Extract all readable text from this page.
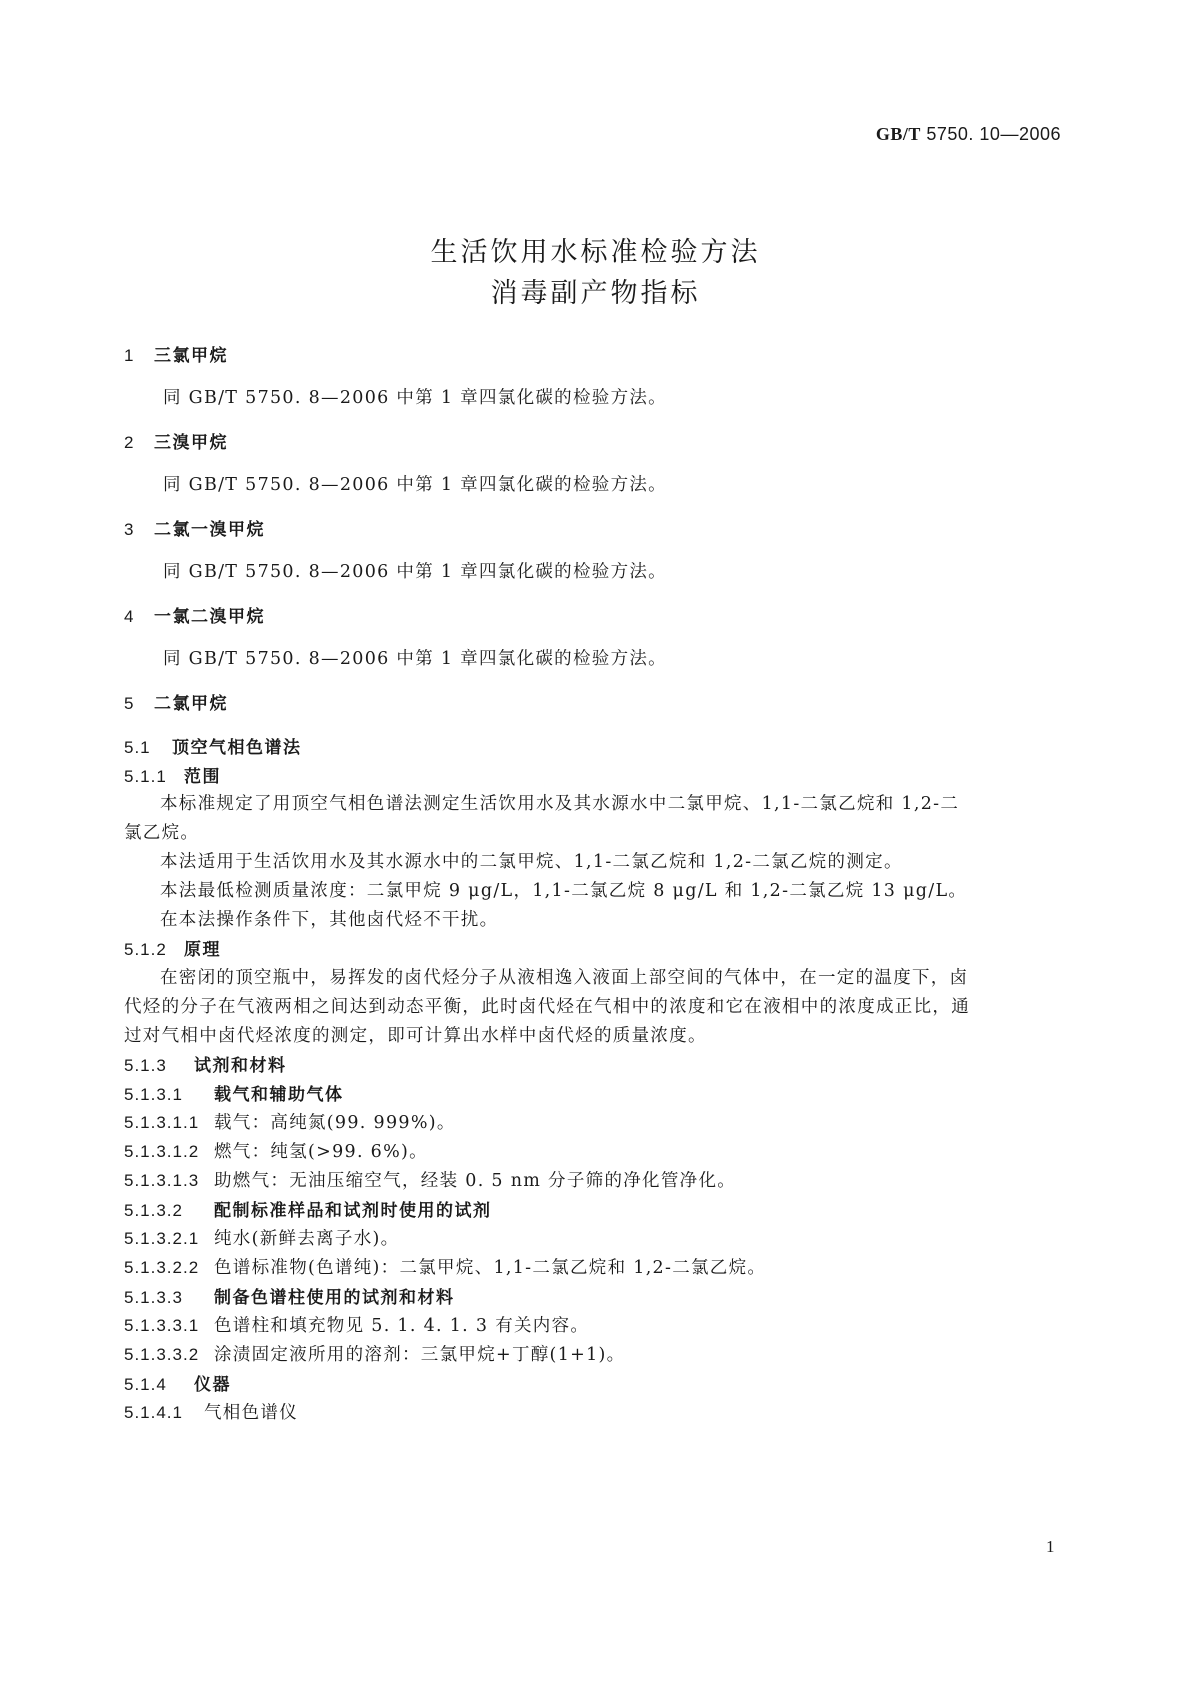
GB/T 5750. 10—2006
生活饮用水标准检验方法
消毒副产物指标
1 三氯甲烷
同 GB/T 5750. 8—2006 中第 1 章四氯化碳的检验方法。
2 三溴甲烷
同 GB/T 5750. 8—2006 中第 1 章四氯化碳的检验方法。
3 二氯一溴甲烷
同 GB/T 5750. 8—2006 中第 1 章四氯化碳的检验方法。
4 一氯二溴甲烷
同 GB/T 5750. 8—2006 中第 1 章四氯化碳的检验方法。
5 二氯甲烷
5.1 顶空气相色谱法
5.1.1 范围
本标准规定了用顶空气相色谱法测定生活饮用水及其水源水中二氯甲烷、1,1-二氯乙烷和 1,2-二
氯乙烷。
本法适用于生活饮用水及其水源水中的二氯甲烷、1,1-二氯乙烷和 1,2-二氯乙烷的测定。
本法最低检测质量浓度：二氯甲烷 9 μg/L，1,1-二氯乙烷 8 μg/L 和 1,2-二氯乙烷 13 μg/L。
在本法操作条件下，其他卤代烃不干扰。
5.1.2 原理
在密闭的顶空瓶中，易挥发的卤代烃分子从液相逸入液面上部空间的气体中，在一定的温度下，卤
代烃的分子在气液两相之间达到动态平衡，此时卤代烃在气相中的浓度和它在液相中的浓度成正比，通
过对气相中卤代烃浓度的测定，即可计算出水样中卤代烃的质量浓度。
5.1.3 试剂和材料
5.1.3.1 载气和辅助气体
5.1.3.1.1 载气：高纯氮(99. 999%)。
5.1.3.1.2 燃气：纯氢(>99. 6%)。
5.1.3.1.3 助燃气：无油压缩空气，经装 0. 5 nm 分子筛的净化管净化。
5.1.3.2 配制标准样品和试剂时使用的试剂
5.1.3.2.1 纯水(新鲜去离子水)。
5.1.3.2.2 色谱标准物(色谱纯)：二氯甲烷、1,1-二氯乙烷和 1,2-二氯乙烷。
5.1.3.3 制备色谱柱使用的试剂和材料
5.1.3.3.1 色谱柱和填充物见 5. 1. 4. 1. 3 有关内容。
5.1.3.3.2 涂渍固定液所用的溶剂：三氯甲烷+丁醇(1+1)。
5.1.4 仪器
5.1.4.1 气相色谱仪
1
